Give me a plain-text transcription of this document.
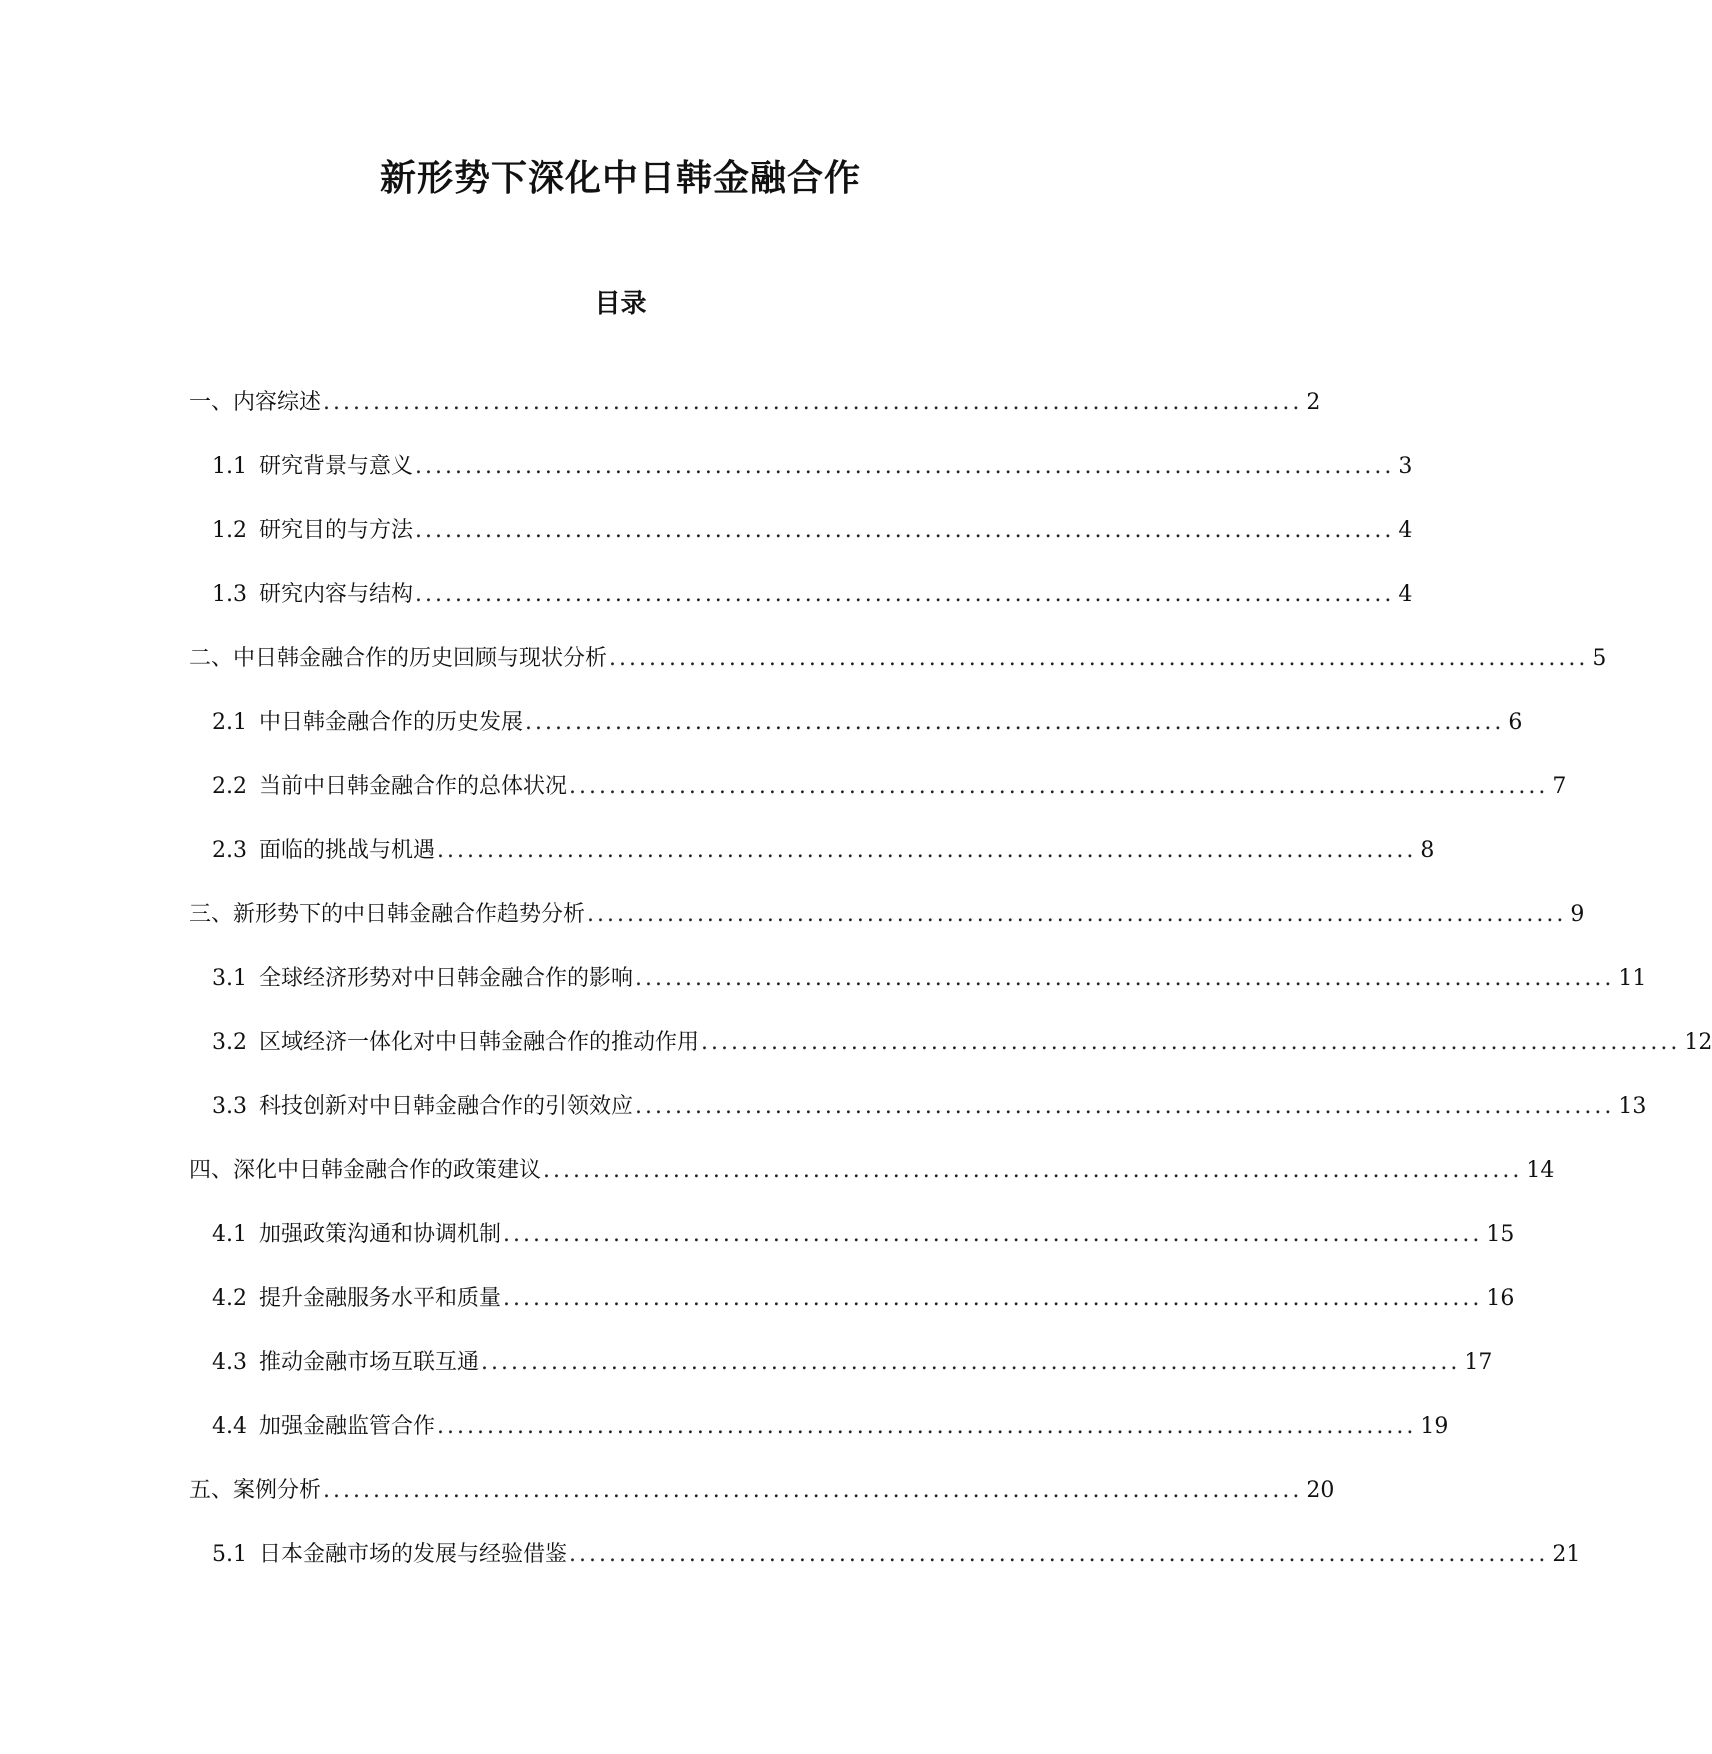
新形势下深化中日韩金融合作
目录
一、内容综述 .................................................................................................. 2
1.1 研究背景与意义 .................................................................................................. 3
1.2 研究目的与方法 .................................................................................................. 4
1.3 研究内容与结构 .................................................................................................. 4
二、中日韩金融合作的历史回顾与现状分析 .................................................................................................. 5
2.1 中日韩金融合作的历史发展 .................................................................................................. 6
2.2 当前中日韩金融合作的总体状况 .................................................................................................. 7
2.3 面临的挑战与机遇 .................................................................................................. 8
三、新形势下的中日韩金融合作趋势分析 .................................................................................................. 9
3.1 全球经济形势对中日韩金融合作的影响 .................................................................................................. 11
3.2 区域经济一体化对中日韩金融合作的推动作用 .................................................................................................. 12
3.3 科技创新对中日韩金融合作的引领效应 .................................................................................................. 13
四、深化中日韩金融合作的政策建议 .................................................................................................. 14
4.1 加强政策沟通和协调机制 .................................................................................................. 15
4.2 提升金融服务水平和质量 .................................................................................................. 16
4.3 推动金融市场互联互通 .................................................................................................. 17
4.4 加强金融监管合作 .................................................................................................. 19
五、案例分析 .................................................................................................. 20
5.1 日本金融市场的发展与经验借鉴 .................................................................................................. 21
